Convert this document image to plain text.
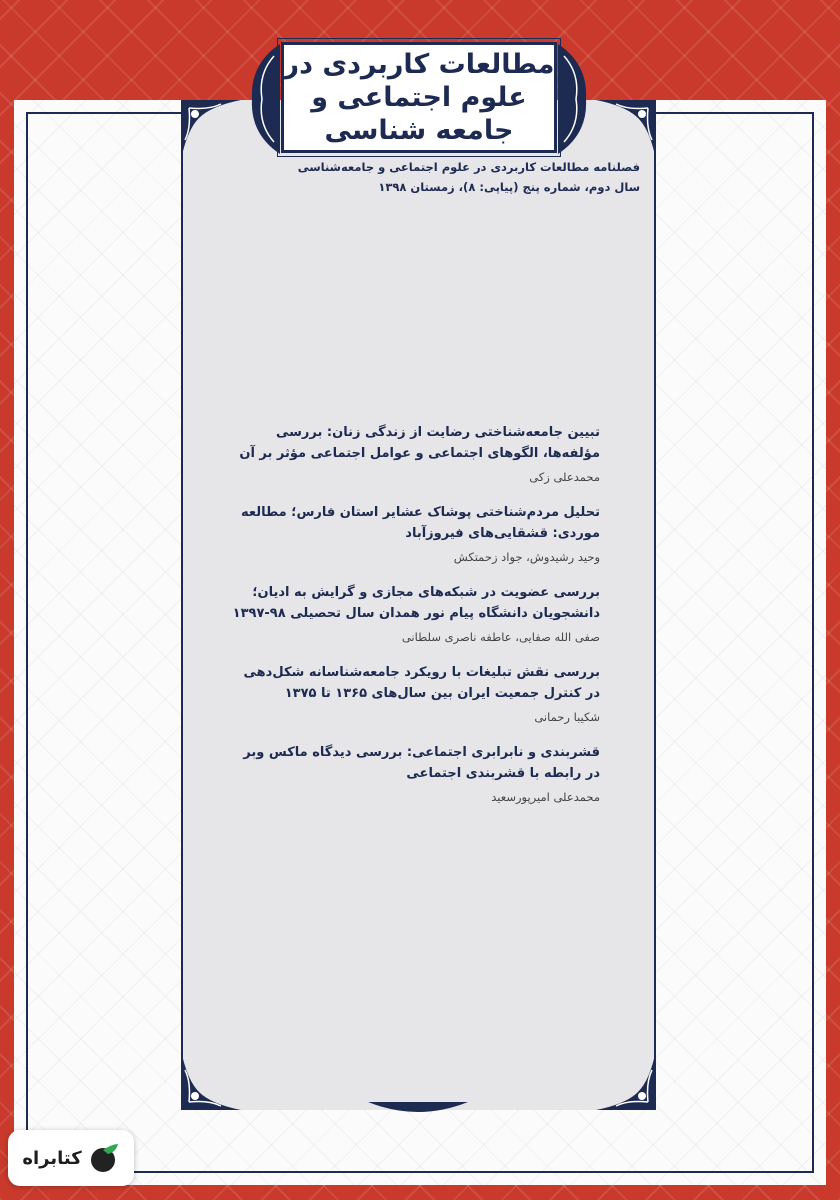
مطالعات کاربردی در
علوم اجتماعی و
جامعه شناسی
فصلنامه مطالعات کاربردی در علوم اجتماعی و جامعه‌شناسی
سال دوم، شماره پنج (پیاپی: ۸)، زمستان ۱۳۹۸
تبیین جامعه‌شناختی رضایت از زندگی زنان: بررسی مؤلفه‌ها، الگوهای اجتماعی و عوامل اجتماعی مؤثر بر آن
محمدعلی زکی
تحلیل مردم‌شناختی پوشاک عشایر استان فارس؛ مطالعه موردی: قشقایی‌های فیروزآباد
وحید رشیدوش، جواد زحمتکش
بررسی عضویت در شبکه‌های مجازی و گرایش به ادیان؛ دانشجویان دانشگاه پیام نور همدان سال تحصیلی ۹۸-۱۳۹۷
صفی الله صفایی، عاطفه ناصری سلطانی
بررسی نقش تبلیغات با رویکرد جامعه‌شناسانه شکل‌دهی در کنترل جمعیت ایران بین سال‌های ۱۳۶۵ تا ۱۳۷۵
شکیبا رحمانی
قشربندی و نابرابری اجتماعی: بررسی دیدگاه ماکس وبر در رابطه با قشربندی اجتماعی
محمدعلی امیرپورسعید
کتابراه
